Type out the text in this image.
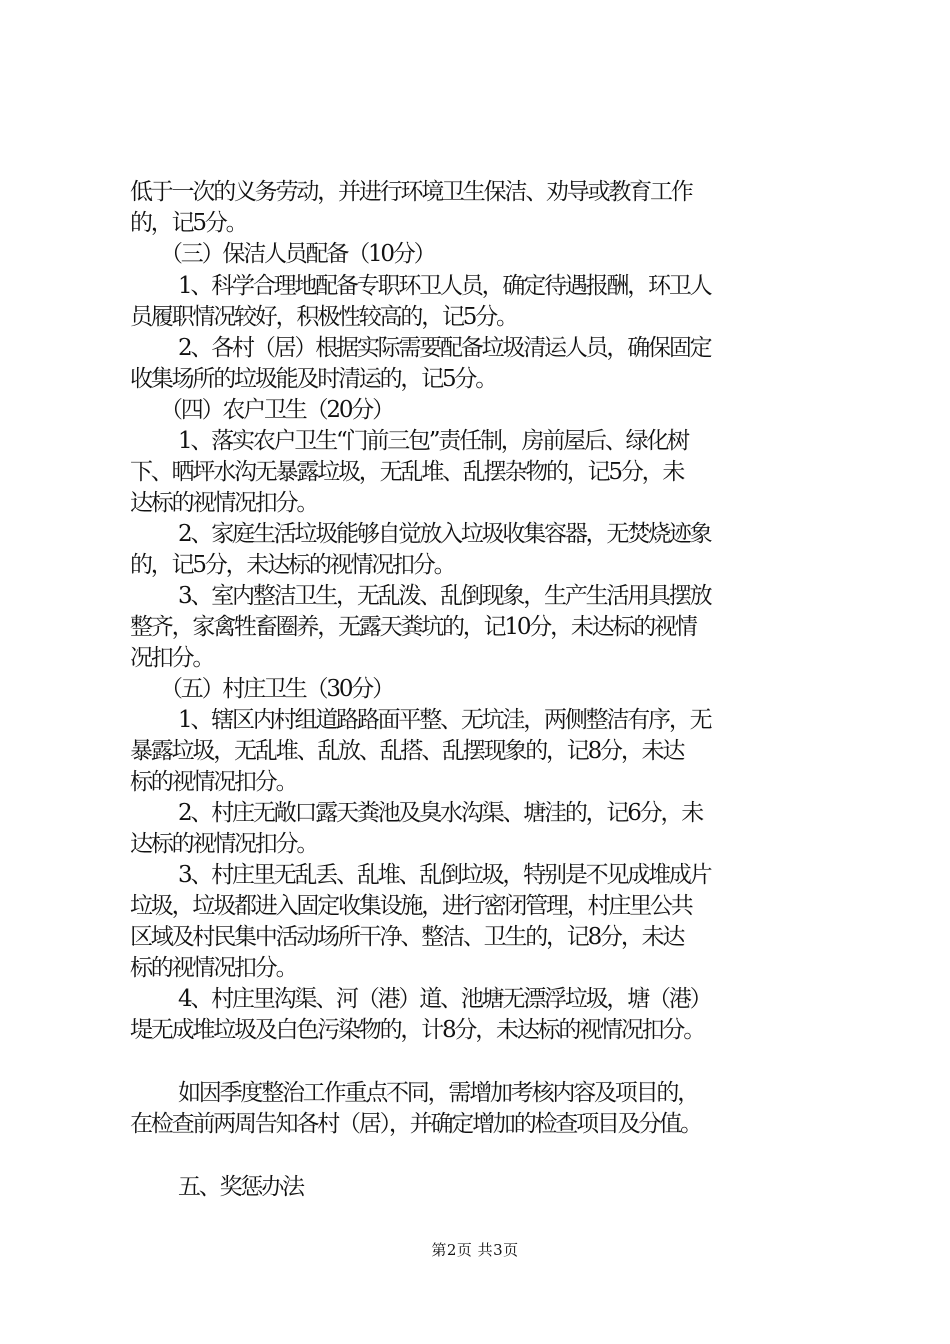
低于一次的义务劳动，并进行环境卫生保洁、劝导或教育工作
的，记5分。
（三）保洁人员配备（10分）
1、科学合理地配备专职环卫人员，确定待遇报酬，环卫人
员履职情况较好，积极性较高的，记5分。
2、各村（居）根据实际需要配备垃圾清运人员，确保固定
收集场所的垃圾能及时清运的，记5分。
（四）农户卫生（20分）
1、落实农户卫生“门前三包”责任制，房前屋后、绿化树
下、晒坪水沟无暴露垃圾，无乱堆、乱摆杂物的，记5分，未
达标的视情况扣分。
2、家庭生活垃圾能够自觉放入垃圾收集容器，无焚烧迹象
的，记5分，未达标的视情况扣分。
3、室内整洁卫生，无乱泼、乱倒现象，生产生活用具摆放
整齐，家禽牲畜圈养，无露天粪坑的，记10分，未达标的视情
况扣分。
（五）村庄卫生（30分）
1、辖区内村组道路路面平整、无坑洼，两侧整洁有序，无
暴露垃圾，无乱堆、乱放、乱搭、乱摆现象的，记8分，未达
标的视情况扣分。
2、村庄无敞口露天粪池及臭水沟渠、塘洼的，记6分，未
达标的视情况扣分。
3、村庄里无乱丢、乱堆、乱倒垃圾，特别是不见成堆成片
垃圾，垃圾都进入固定收集设施，进行密闭管理，村庄里公共
区域及村民集中活动场所干净、整洁、卫生的，记8分，未达
标的视情况扣分。
4、村庄里沟渠、河（港）道、池塘无漂浮垃圾，塘（港）
堤无成堆垃圾及白色污染物的，计8分，未达标的视情况扣分。
如因季度整治工作重点不同，需增加考核内容及项目的，
在检查前两周告知各村（居），并确定增加的检查项目及分值。
五、奖惩办法
第2页 共3页
